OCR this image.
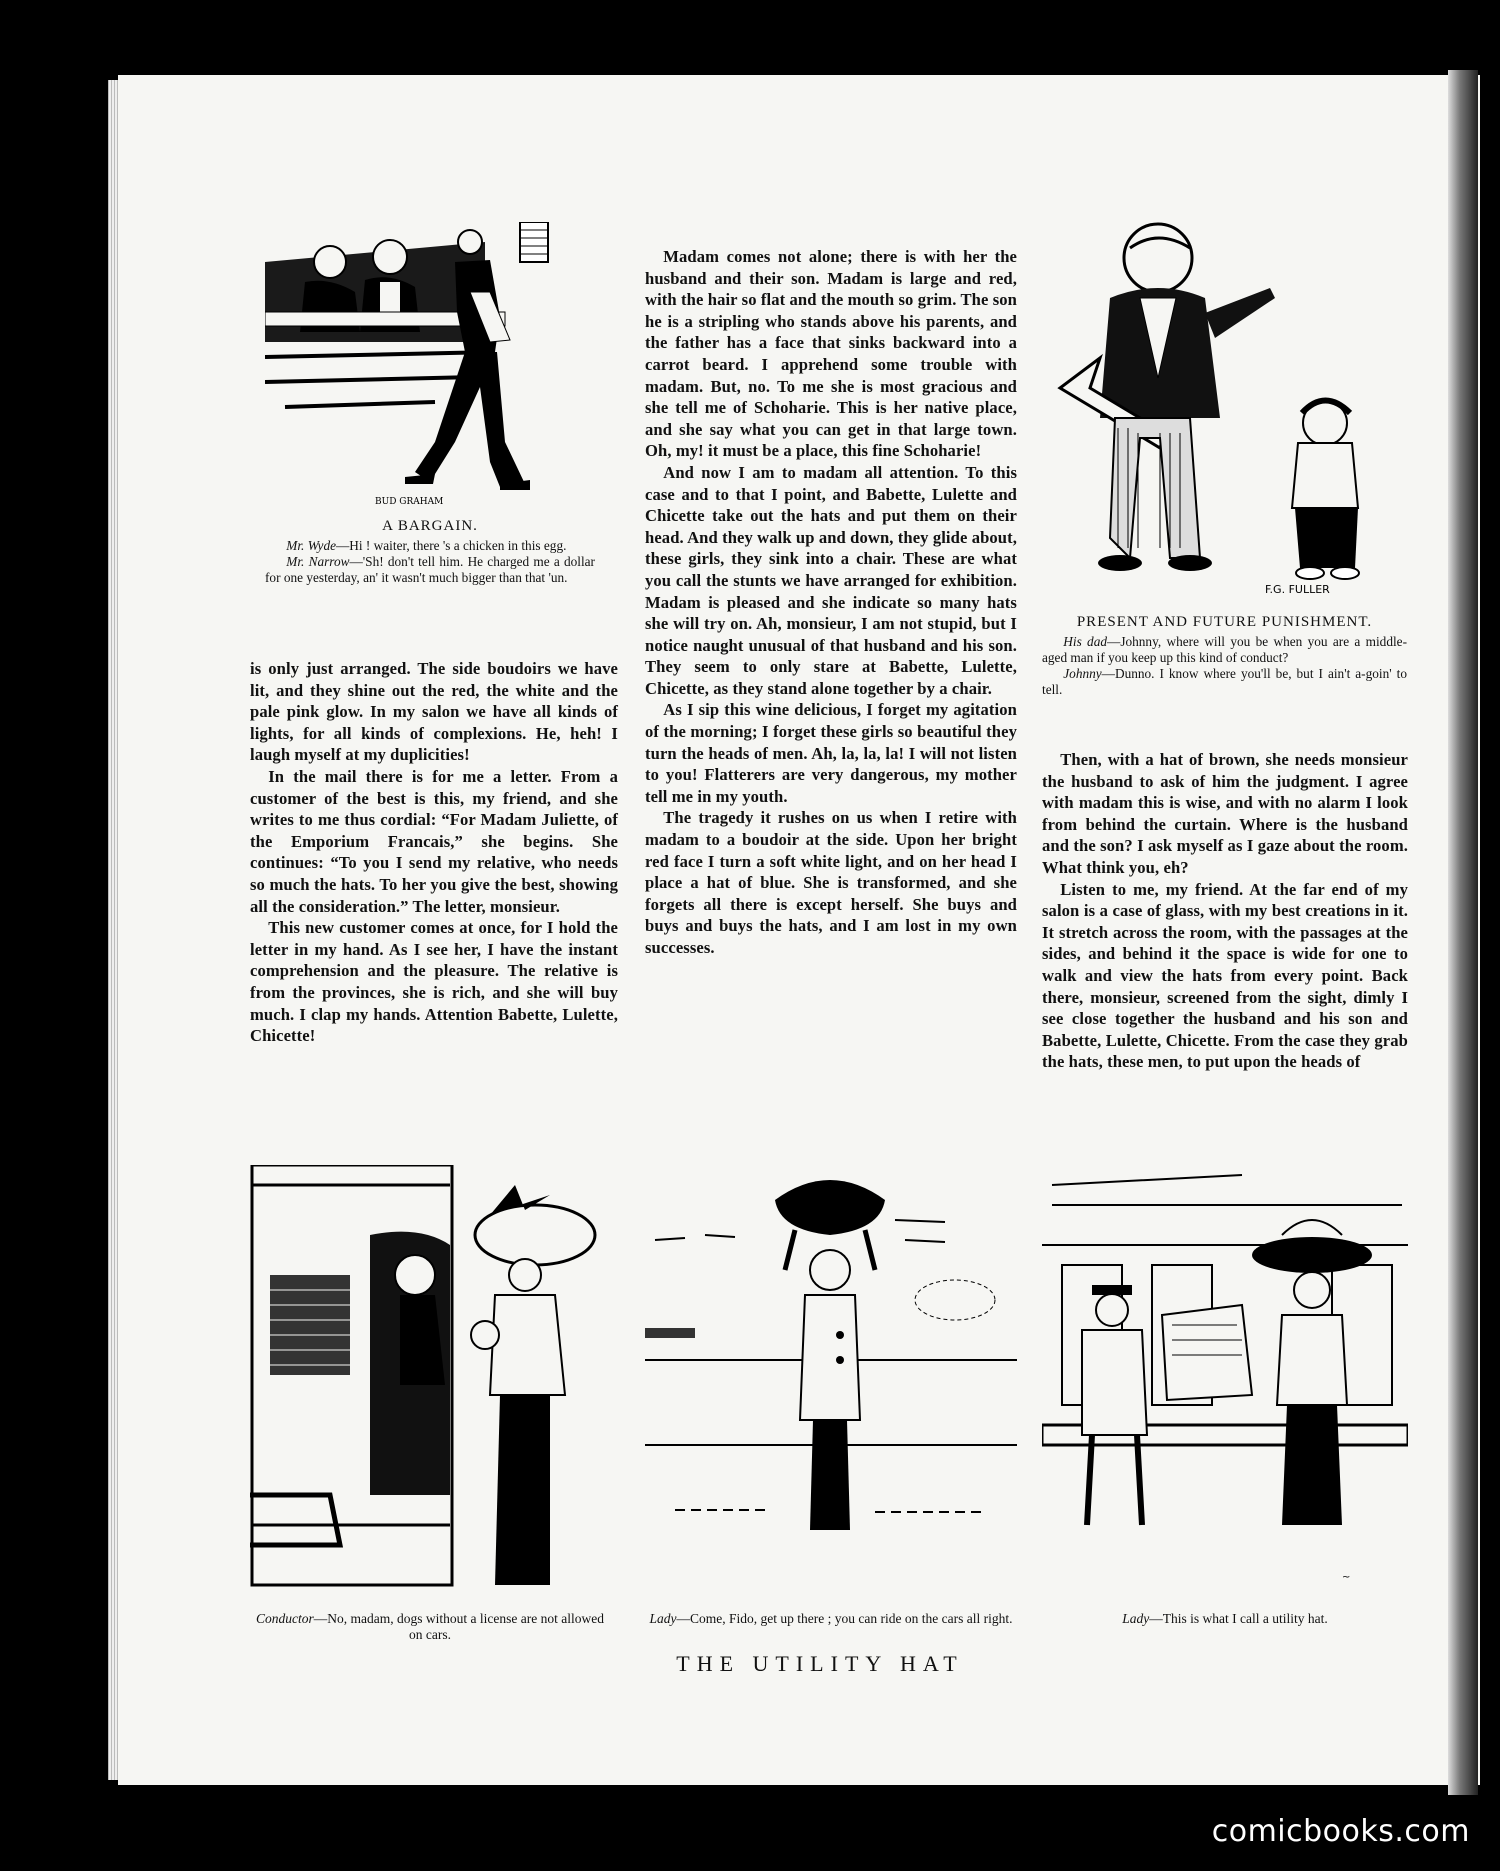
BUD GRAHAM
A BARGAIN.

Mr. Wyde—Hi ! waiter, there 's a chicken in this egg.

Mr. Narrow—'Sh! don't tell him. He charged me a dollar for one yesterday, an' it wasn't much bigger than that 'un.

F.G. FULLER
PRESENT AND FUTURE PUNISHMENT.

His dad—Johnny, where will you be when you are a middle-aged man if you keep up this kind of conduct?

Johnny—Dunno. I know where you'll be, but I ain't a-goin' to tell.

is only just arranged. The side boudoirs we have lit, and they shine out the red, the white and the pale pink glow. In my salon we have all kinds of lights, for all kinds of complexions. He, heh! I laugh myself at my duplicities!

In the mail there is for me a letter. From a customer of the best is this, my friend, and she writes to me thus cordial: “For Madam Juliette, of the Emporium Francais,” she begins. She continues: “To you I send my relative, who needs so much the hats. To her you give the best, showing all the consideration.” The letter, monsieur.

This new customer comes at once, for I hold the letter in my hand. As I see her, I have the instant comprehension and the pleasure. The relative is from the provinces, she is rich, and she will buy much. I clap my hands. Attention Babette, Lulette, Chicette!

Madam comes not alone; there is with her the husband and their son. Madam is large and red, with the hair so flat and the mouth so grim. The son he is a stripling who stands above his parents, and the father has a face that sinks backward into a carrot beard. I apprehend some trouble with madam. But, no. To me she is most gracious and she tell me of Schoharie. This is her native place, and she say what you can get in that large town. Oh, my! it must be a place, this fine Schoharie!

And now I am to madam all attention. To this case and to that I point, and Babette, Lulette and Chicette take out the hats and put them on their head. And they walk up and down, they glide about, these girls, they sink into a chair. These are what you call the stunts we have arranged for exhibition. Madam is pleased and she indicate so many hats she will try on. Ah, monsieur, I am not stupid, but I notice naught unusual of that husband and his son. They seem to only stare at Babette, Lulette, Chicette, as they stand alone together by a chair.

As I sip this wine delicious, I forget my agitation of the morning; I forget these girls so beautiful they turn the heads of men. Ah, la, la, la! I will not listen to you! Flatterers are very dangerous, my mother tell me in my youth.

The tragedy it rushes on us when I retire with madam to a boudoir at the side. Upon her bright red face I turn a soft white light, and on her head I place a hat of blue. She is transformed, and she forgets all there is except herself. She buys and buys and buys the hats, and I am lost in my own successes.

Then, with a hat of brown, she needs monsieur the husband to ask of him the judgment. I agree with madam this is wise, and with no alarm I look from behind the curtain. Where is the husband and the son? I ask myself as I gaze about the room. What think you, eh?

Listen to me, my friend. At the far end of my salon is a case of glass, with my best creations in it. It stretch across the room, with the passages at the sides, and behind it the space is wide for one to walk and view the hats from every point. Back there, monsieur, screened from the sight, dimly I see close together the husband and his son and Babette, Lulette, Chicette. From the case they grab the hats, these men, to put upon the heads of

Conductor—No, madam, dogs without a license are not allowed on cars.
Lady—Come, Fido, get up there ; you can ride on the cars all right.
~
Lady—This is what I call a utility hat.
THE UTILITY HAT
comicbooks.com
